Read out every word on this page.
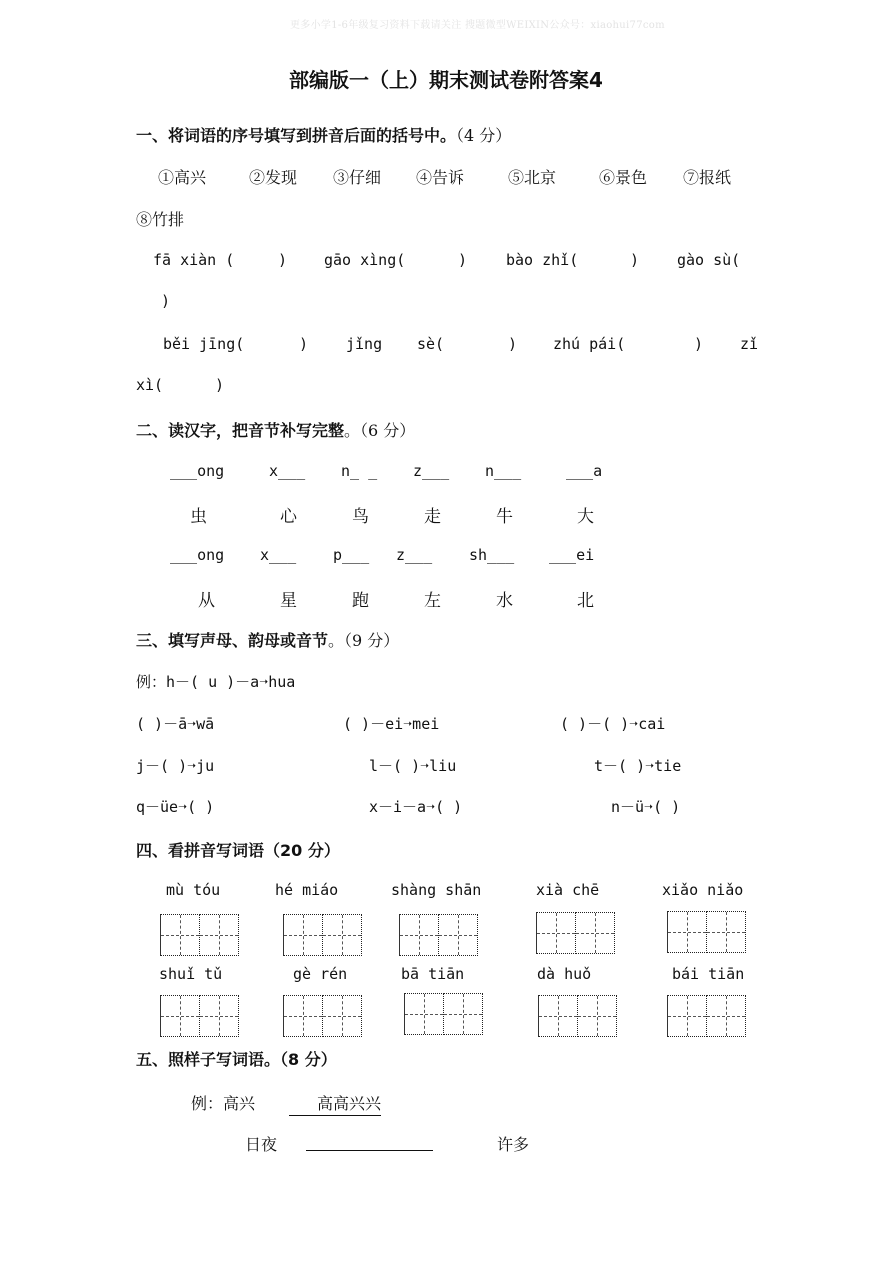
更多小学1-6年级复习资料下载请关注 搜题微型WEIXIN公众号：xiaohui77com
部编版一（上）期末测试卷附答案4
一、将词语的序号填写到拼音后面的括号中。（4 分）
①高兴	②发现 ③仔细 ④告诉	⑤北京	⑥景色 ⑦报纸
⑧竹排
fā xiàn (	) gāo xìng(	)	bào zhǐ(	)	gào sù(
)
běi jīng(	)	jǐng sè(	) zhú pái(	) zǐ
xì(	)
二、读汉字，把音节补写完整。（6 分）
___ong	x___ n_ _ z___ n___	___a
虫	心	鸟	走	牛	大
___ong x___ p___ z___ sh___ ___ei
从	星	跑	左	水	北
三、填写声母、韵母或音节。（9 分）
例：h－( u )－a➝hua
( )－ā➝wā	( )－ei➝mei	( )－( )➝cai
j－( )➝ju	l－( )➝liu	t－( )➝tie
q－üe➝( )	x－i－a➝( )	n－ü➝( )
四、看拼音写词语（20 分）
mù tóu	hé miáo	shàng shān	xià chē	xiǎo niǎo
shuǐ tǔ	gè rén	bā tiān	dà huǒ	bái tiān
五、照样子写词语。（8 分）
例：高兴	高高兴兴
日夜	许多
